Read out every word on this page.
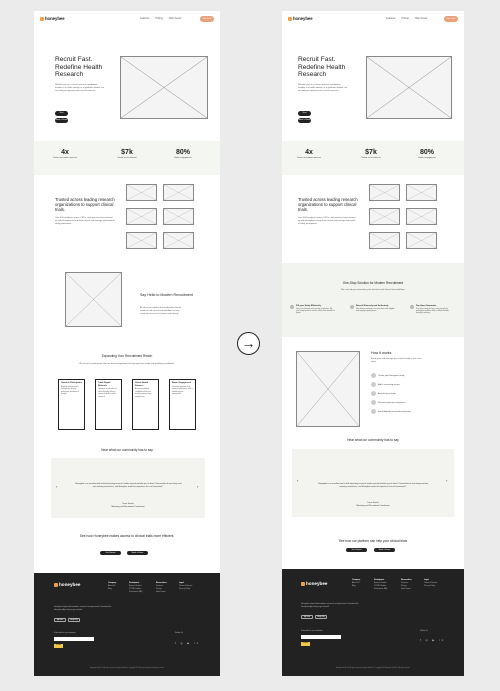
honeybee	Features	Pricing	Help Center	Get Paid
Recruit Fast. Redefine Health Research
Whether you're a clinical research coordinator, founder of a health startup, or a graduate student, we can help you optimize your clinical research.
Start
Book a Demo
4x
Faster recruitment process
$7k
Saved on recruitment
80%
Better engagement
Trusted across leading research organizations to support clinical trials.
Over 400 academic teams, CROs, and sponsors have teamed up with Honeybee to help them recruit and manage thousands of study participants.
Say Hello to Modern Recruitment
An all-in-one solution that modernizes health research and clinical trial workflows to help researchers recruit at volume and velocity.
Expanding Your Recruitment Reach
We funnel in participants from our diverse population to bring you more leads and qualifying candidates.
Opted-In Participants
Expand your research through our diverse participant database of people.
Track Digital Referrals
Optimize reach with our ethics-friendly referral system built for health research.
Vetted Health Partners
Access qualifying candidates from our health partners large sample size.
Better Engagement
Increase retention and protocol adherence with a mobile app for participants.
Hear what our community has to say
‹	›
"Honeybee is an excellent tool to find interesting research studies around and take part in them! I learned lots of new things and met amazing researchers, and Honeybee made the experience fun and convenient!"
Tessa Sarathi
Marketing and Recruitment Coordinator
See how Honeybee makes access to clinical trials more efficient.
Get Started	Book a Demo
honeybee	Company
About Us
Blog
Participants
Browse Studies
COVID Studies
Participants FAQ
Researchers
Features
Pricing
Help Center
Legal
Terms of Service
Privacy Policy
Honeybee helps build academic research and grassroots. Download the Honeybee App today to get started!
App Store	Google Play
Subscribe to our newsletter
Submit
Follow Us
f ◎ ▶ in
Honeybee Health Inc. All rights reserved. Honeybee Health Inc. Copyright 2022 Honeybee Health Inc. All rights reserved.
→
honeybee	Features	Pricing	Help Center	Get Paid
Recruit Fast. Redefine Health Research
Whether you're a clinical research coordinator, founder of a health startup, or a graduate student, we can help you optimize your clinical research.
Start
Book a Demo
4x
Faster recruitment process
$7k
Saved on recruitment
80%
Better engagement
Trusted across leading research organizations to support clinical trials.
Over 400 academic teams, CROs, and sponsors have teamed up with Honeybee to help them recruit and manage thousands of study participants.
One-Stop Solution for Modern Recruitment
We can help you streamline your research and clinical trial workflows.
Fill your Study Efficiently
Get your study up and running in minutes. Fill your study quota in weeks, rather than months to years.
Recruit Diversely and Inclusively
Get diverse and more accurate data with eligible and engaged participants.
Pay Upon Guarantee
Post your study for free, only pay what a participant qualifies. Ask us about flexible monthly invoicing.
How it works
Easily post and manage your clinical study in just a few steps.
Create your Honeybee study
Add a screening survey
Activate your study
Receive prescreen responses
Enroll digitally screened participants
Hear what our community has to say
‹	›
"Honeybee is an excellent tool to find interesting research studies around and take part in them! I learned lots of new things and met amazing researchers, and Honeybee made the experience fun and convenient!"
Tessa Sarathi
Marketing and Recruitment Coordinator
See how our platform can help your clinical trials
Get Started	Book a Demo
honeybee
Company
About Us
Blog
Participants
Browse Studies
COVID Studies
Participants FAQ
Researchers
Features
Pricing
Help Center
Legal
Terms of Service
Privacy Policy
Honeybee helps build academic research and grassroots. Download the Honeybee App today to get started!
App Store	Google Play
Subscribe to our newsletter
Submit
Follow Us
f ◎ ▶ in
Honeybee Health Inc. All rights reserved. Honeybee Health Inc. Copyright 2022 Honeybee Health Inc. All rights reserved.
